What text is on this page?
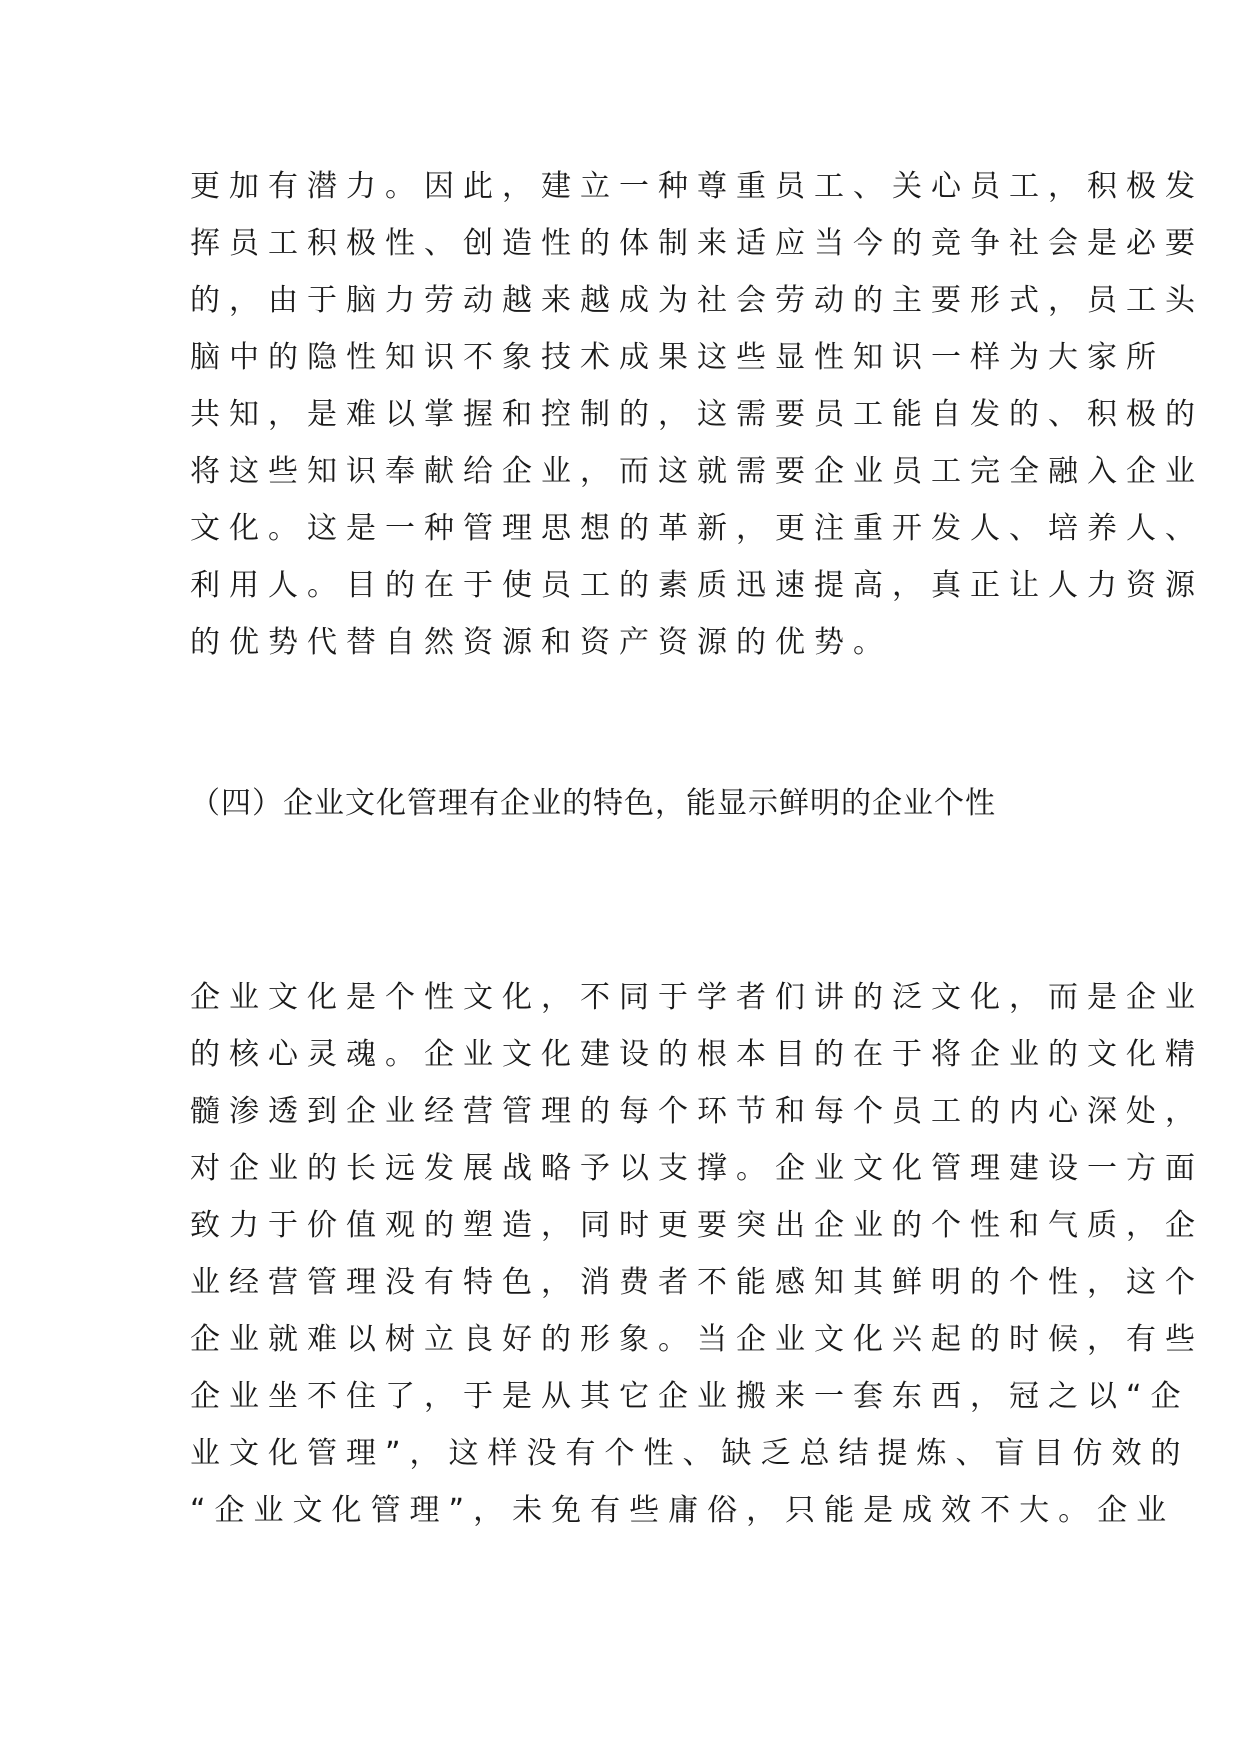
更加有潜力。因此，建立一种尊重员工、关心员工，积极发
挥员工积极性、创造性的体制来适应当今的竞争社会是必要
的，由于脑力劳动越来越成为社会劳动的主要形式，员工头
脑中的隐性知识不象技术成果这些显性知识一样为大家所
共知，是难以掌握和控制的，这需要员工能自发的、积极的
将这些知识奉献给企业，而这就需要企业员工完全融入企业
文化。这是一种管理思想的革新，更注重开发人、培养人、
利用人。目的在于使员工的素质迅速提高，真正让人力资源
的优势代替自然资源和资产资源的优势。
（四）企业文化管理有企业的特色，能显示鲜明的企业个性
企业文化是个性文化，不同于学者们讲的泛文化，而是企业
的核心灵魂。企业文化建设的根本目的在于将企业的文化精
髓渗透到企业经营管理的每个环节和每个员工的内心深处，
对企业的长远发展战略予以支撑。企业文化管理建设一方面
致力于价值观的塑造，同时更要突出企业的个性和气质，企
业经营管理没有特色，消费者不能感知其鲜明的个性，这个
企业就难以树立良好的形象。当企业文化兴起的时候，有些
企业坐不住了，于是从其它企业搬来一套东西，冠之以“企
业文化管理”，这样没有个性、缺乏总结提炼、盲目仿效的
“企业文化管理”，未免有些庸俗，只能是成效不大。企业
